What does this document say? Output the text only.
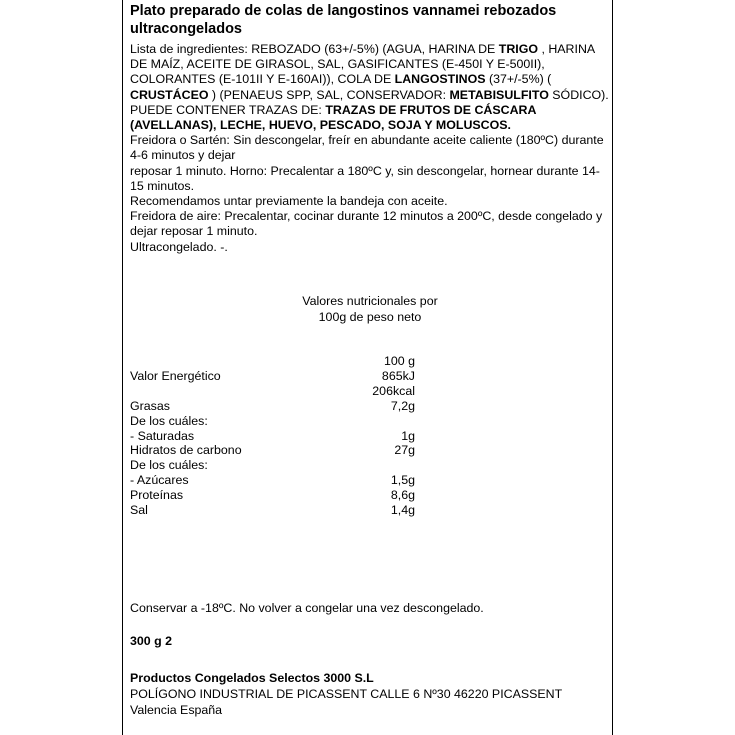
Plato preparado de colas de langostinos vannamei rebozados ultracongelados

Lista de ingredientes: REBOZADO (63+/-5%) (AGUA, HARINA DE TRIGO , HARINA DE MAÍZ, ACEITE DE GIRASOL, SAL, GASIFICANTES (E-450I Y E-500II), COLORANTES (E-101II Y E-160AI)), COLA DE LANGOSTINOS (37+/-5%) ( CRUSTÁCEO ) (PENAEUS SPP, SAL, CONSERVADOR: METABISULFITO SÓDICO). PUEDE CONTENER TRAZAS DE: TRAZAS DE FRUTOS DE CÁSCARA (AVELLANAS), LECHE, HUEVO, PESCADO, SOJA Y MOLUSCOS.

Freidora o Sartén: Sin descongelar, freír en abundante aceite caliente (180ºC) durante 4-6 minutos y dejar

reposar 1 minuto. Horno: Precalentar a 180ºC y, sin descongelar, hornear durante 14-15 minutos.

Recomendamos untar previamente la bandeja con aceite.

Freidora de aire: Precalentar, cocinar durante 12 minutos a 200ºC, desde congelado y dejar reposar 1 minuto.

Ultracongelado. -.

Valores nutricionales por
100g de peso neto
100 g
Valor Energético	865kJ
206kcal
Grasas	7,2g
De los cuáles:
- Saturadas	1g
Hidratos de carbono	27g
De los cuáles:
- Azúcares	1,5g
Proteínas	8,6g
Sal	1,4g
Conservar a -18ºC. No volver a congelar una vez descongelado.
300 g 2
Productos Congelados Selectos 3000 S.L
POLÍGONO INDUSTRIAL DE PICASSENT CALLE 6 Nº30 46220 PICASSENT
Valencia España
